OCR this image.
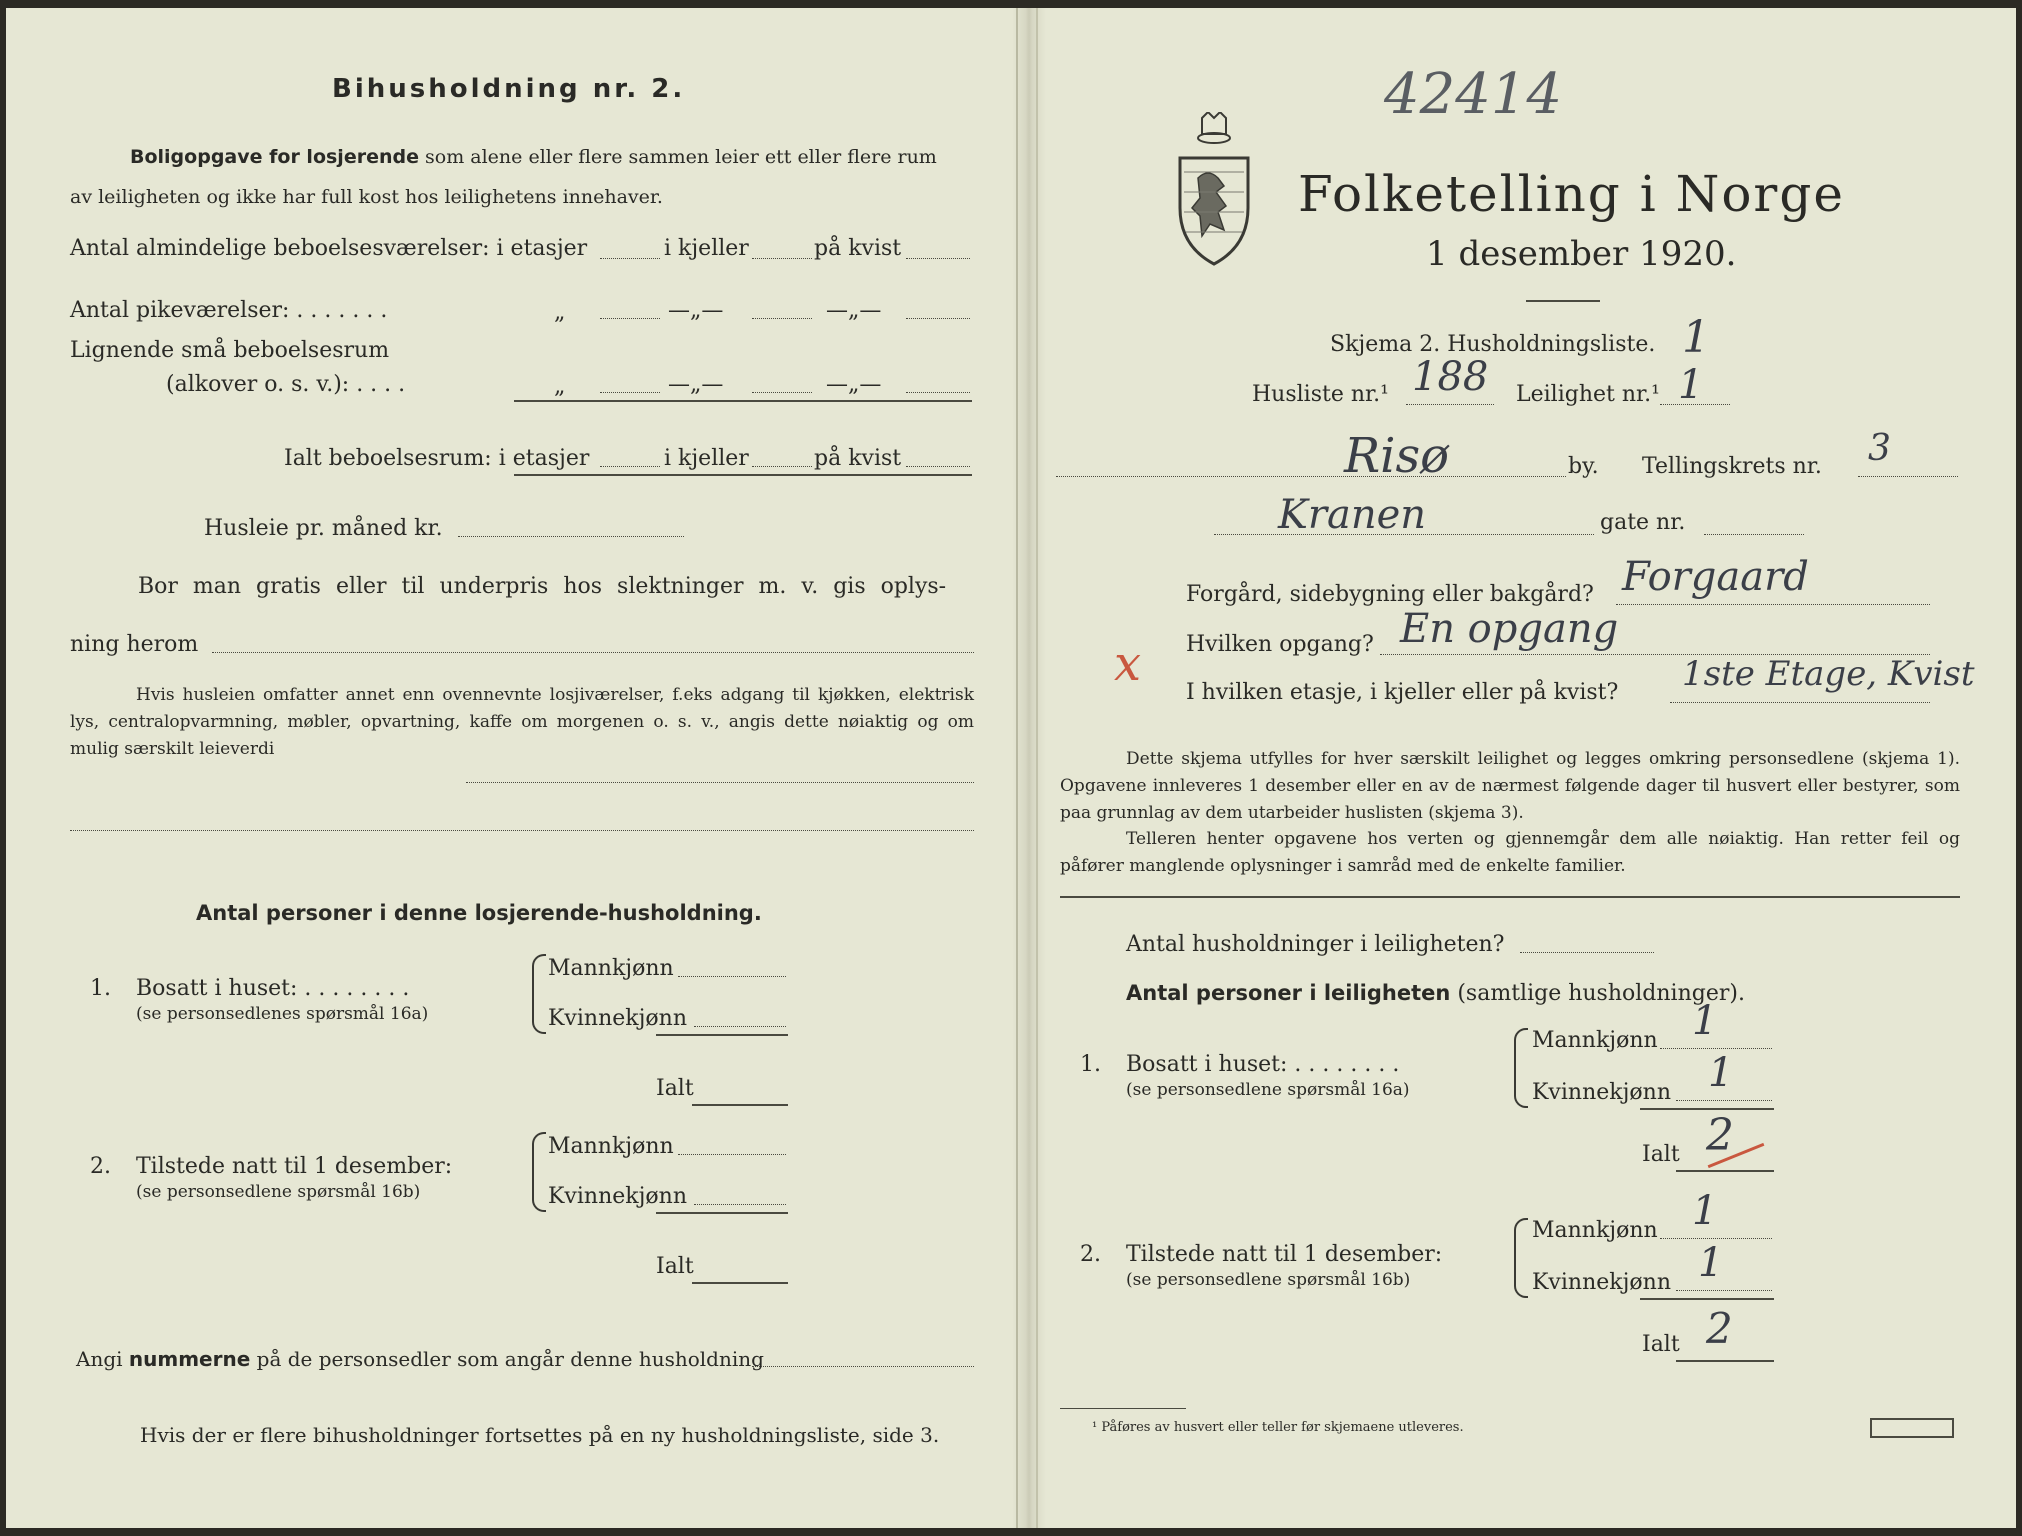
Bihusholdning nr. 2.
Boligopgave for losjerende som alene eller flere sammen leier ett eller flere rum
av leiligheten og ikke har full kost hos leilighetens innehaver.
Antal almindelige beboelsesværelser: i etasjer	i kjeller	på kvist
Antal pikeværelser: . . . . . . .	„	—„—	—„—
Lignende små beboelsesrum
(alkover o. s. v.): . . . .	„	—„—	—„—
Ialt beboelsesrum: i etasjer	i kjeller	på kvist
Husleie pr. måned kr.
Bor man gratis eller til underpris hos slektninger m. v. gis oplys-
ning herom
Hvis husleien omfatter annet enn ovennevnte losjiværelser, f.eks adgang til kjøkken, elektrisk lys, centralopvarmning, møbler, opvartning, kaffe om morgenen o. s. v., angis dette nøiaktig og om mulig særskilt leieverdi
Antal personer i denne losjerende-husholdning.
1. Bosatt i huset: . . . . . . . .
(se personsedlenes spørsmål 16a)
Mannkjønn
Kvinnekjønn
Ialt
2. Tilstede natt til 1 desember:
(se personsedlene spørsmål 16b)
Mannkjønn
Kvinnekjønn
Ialt
Angi nummerne på de personsedler som angår denne husholdning
Hvis der er flere bihusholdninger fortsettes på en ny husholdningsliste, side 3.
42414
Folketelling i Norge
1 desember 1920.
Skjema 2. Husholdningsliste. 1
Husliste nr.¹ 188 Leilighet nr.¹ 1
Risø	by. Tellingskrets nr. 3
Kranen	gate nr.
Forgård, sidebygning eller bakgård? Forgaard
Hvilken opgang? En opgang
x
I hvilken etasje, i kjeller eller på kvist? 1ste Etage, Kvist
Dette skjema utfylles for hver særskilt leilighet og legges omkring personsedlene (skjema 1). Opgavene innleveres 1 desember eller en av de nærmest følgende dager til husvert eller bestyrer, som paa grunnlag av dem utarbeider huslisten (skjema 3).
Telleren henter opgavene hos verten og gjennemgår dem alle nøiaktig. Han retter feil og påfører manglende oplysninger i samråd med de enkelte familier.
Antal husholdninger i leiligheten?
Antal personer i leiligheten (samtlige husholdninger).
1. Bosatt i huset: . . . . . . . .
(se personsedlene spørsmål 16a)
Mannkjønn 1
Kvinnekjønn 1
Ialt 2
2. Tilstede natt til 1 desember:
(se personsedlene spørsmål 16b)
Mannkjønn 1
Kvinnekjønn 1
Ialt 2
¹ Påføres av husvert eller teller før skjemaene utleveres.
